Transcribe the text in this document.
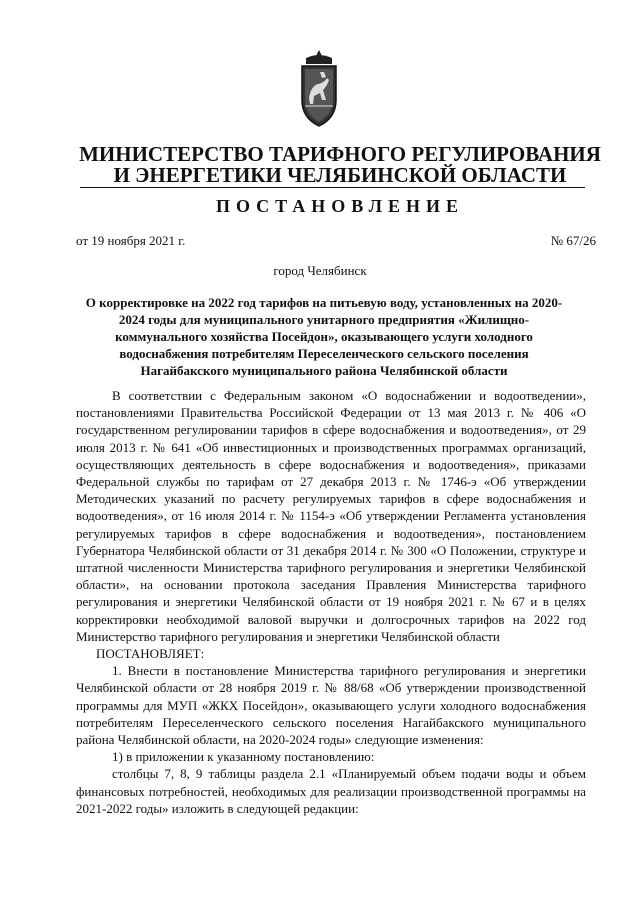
МИНИСТЕРСТВО ТАРИФНОГО РЕГУЛИРОВАНИЯ
И ЭНЕРГЕТИКИ ЧЕЛЯБИНСКОЙ ОБЛАСТИ
ПОСТАНОВЛЕНИЕ
от 19 ноября 2021 г.	№ 67/26
город Челябинск
О корректировке на 2022 год тарифов на питьевую воду, установленных на 2020-2024 годы для муниципального унитарного предприятия «Жилищно-коммунального хозяйства Посейдон», оказывающего услуги холодного водоснабжения потребителям Переселенческого сельского поселения Нагайбакского муниципального района Челябинской области

В соответствии с Федеральным законом «О водоснабжении и водоотведении», постановлениями Правительства Российской Федерации от 13 мая 2013 г. № 406 «О государственном регулировании тарифов в сфере водоснабжения и водоотведения», от 29 июля 2013 г. № 641 «Об инвестиционных и производственных программах организаций, осуществляющих деятельность в сфере водоснабжения и водоотведения», приказами Федеральной службы по тарифам от 27 декабря 2013 г. № 1746-э «Об утверждении Методических указаний по расчету регулируемых тарифов в сфере водоснабжения и водоотведения», от 16 июля 2014 г. № 1154-э «Об утверждении Регламента установления регулируемых тарифов в сфере водоснабжения и водоотведения», постановлением Губернатора Челябинской области от 31 декабря 2014 г. № 300 «О Положении, структуре и штатной численности Министерства тарифного регулирования и энергетики Челябинской области», на основании протокола заседания Правления Министерства тарифного регулирования и энергетики Челябинской области от 19 ноября 2021 г. № 67 и в целях корректировки необходимой валовой выручки и долгосрочных тарифов на 2022 год Министерство тарифного регулирования и энергетики Челябинской области

ПОСТАНОВЛЯЕТ:

1. Внести в постановление Министерства тарифного регулирования и энергетики Челябинской области от 28 ноября 2019 г. № 88/68 «Об утверждении производственной программы для МУП «ЖКХ Посейдон», оказывающего услуги холодного водоснабжения потребителям Переселенческого сельского поселения Нагайбакского муниципального района Челябинской области, на 2020-2024 годы» следующие изменения:

1) в приложении к указанному постановлению:

столбцы 7, 8, 9 таблицы раздела 2.1 «Планируемый объем подачи воды и объем финансовых потребностей, необходимых для реализации производственной программы на 2021-2022 годы» изложить в следующей редакции:
